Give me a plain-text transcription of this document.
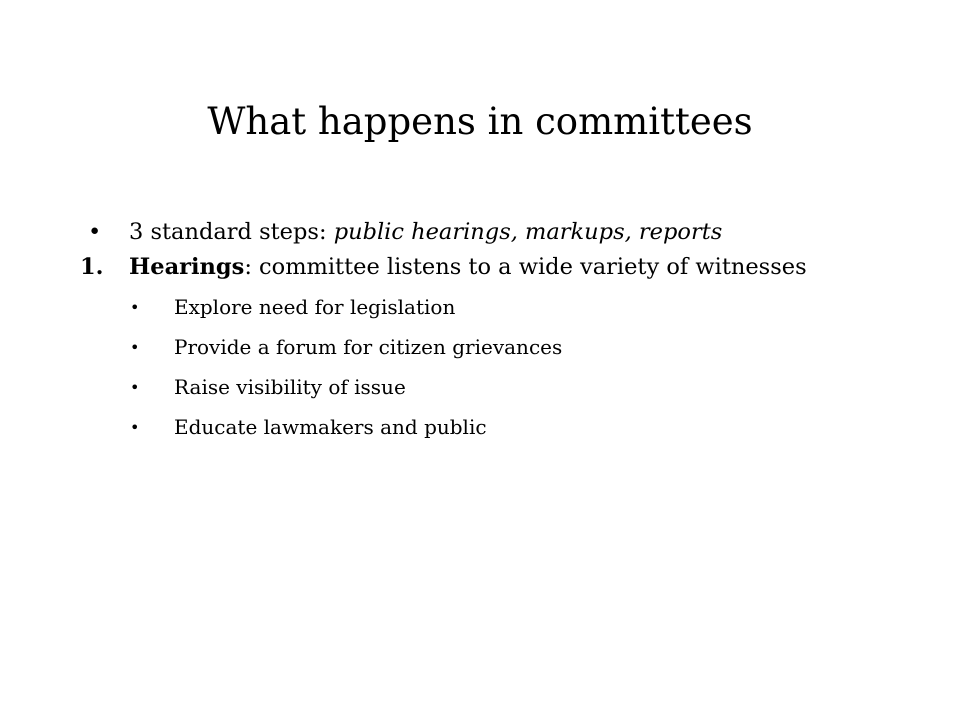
What happens in committees
• 3 standard steps: public hearings, markups, reports
1. Hearings: committee listens to a wide variety of witnesses
• Explore need for legislation
• Provide a forum for citizen grievances
• Raise visibility of issue
• Educate lawmakers and public
